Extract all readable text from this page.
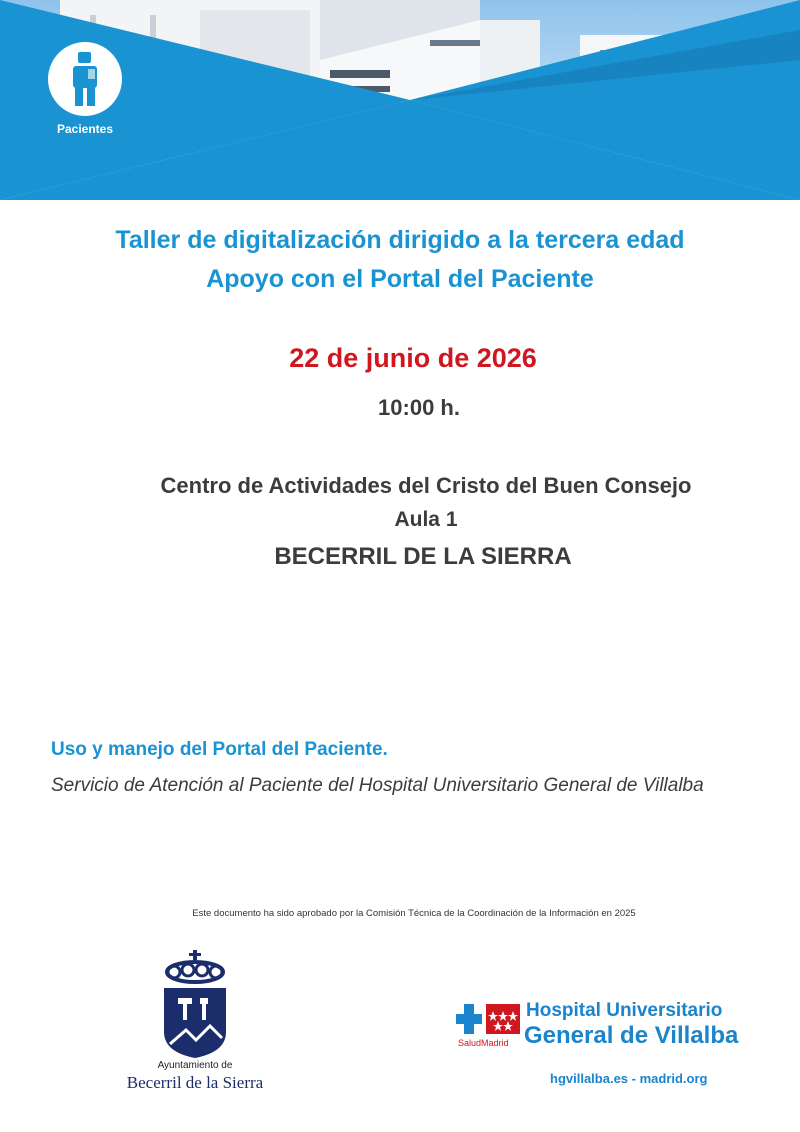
Pacientes
Taller de digitalización dirigido a la tercera edad
Apoyo con el Portal del Paciente
22 de junio de 2026
10:00 h.
Centro de Actividades del Cristo del Buen Consejo
Aula 1
BECERRIL DE LA SIERRA
Uso y manejo del Portal del Paciente.
Servicio de Atención al Paciente del Hospital Universitario General de Villalba
Este documento ha sido aprobado por la Comisión Técnica de la Coordinación de la Información en 2025
Ayuntamiento de
Becerril de la Sierra
SaludMadrid
Hospital Universitario
General de Villalba
hgvillalba.es - madrid.org
